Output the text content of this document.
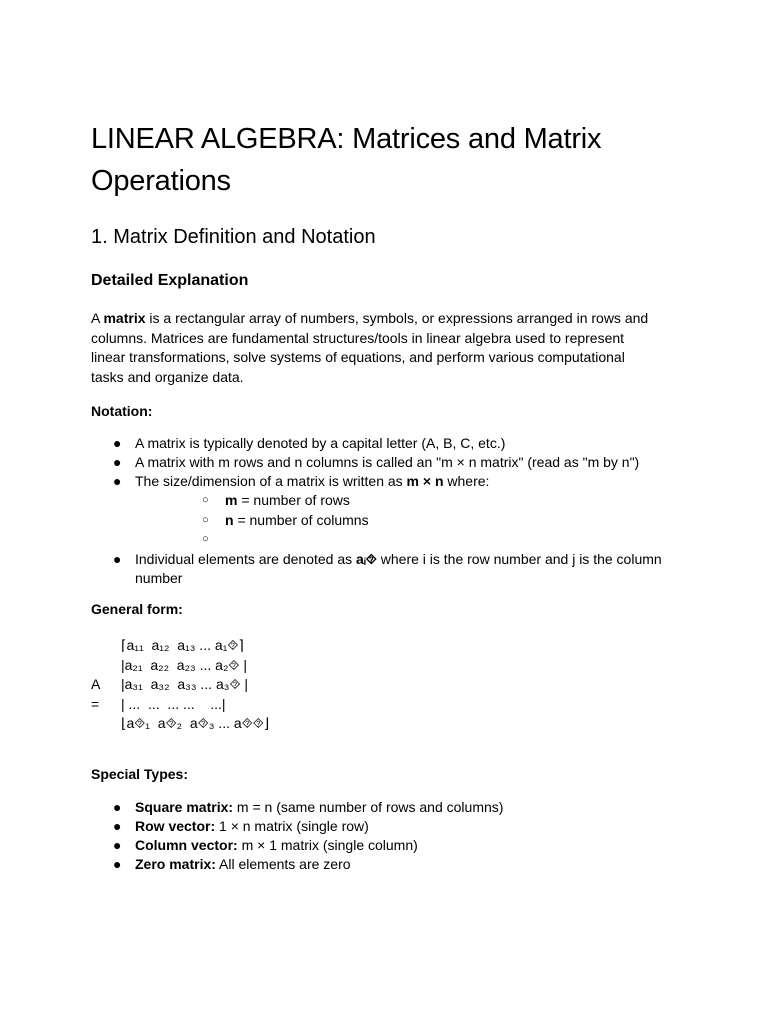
LINEAR ALGEBRA: Matrices and Matrix Operations
1. Matrix Definition and Notation
Detailed Explanation

A matrix is a rectangular array of numbers, symbols, or expressions arranged in rows and columns. Matrices are fundamental structures/tools in linear algebra used to represent linear transformations, solve systems of equations, and perform various computational tasks and organize data.

Notation:

● A matrix is typically denoted by a capital letter (A, B, C, etc.)
● A matrix with m rows and n columns is called an "m × n matrix" (read as "m by n")
● The size/dimension of a matrix is written as m × n where:
○ m = number of rows
○ n = number of columns
○
● Individual elements are denoted as aᵢ⯑ where i is the row number and j is the column number

General form:

A =
⌈a₁₁  a₁₂  a₁₃ ... a₁⯑⌉
|a₂₁  a₂₂  a₂₃ ... a₂⯑ |
|a₃₁  a₃₂  a₃₃ ... a₃⯑ |
| ...  ...  ... ...    ...|
⌊a⯑₁  a⯑₂  a⯑₃ ... a⯑⯑⌋

Special Types:

● Square matrix: m = n (same number of rows and columns)
● Row vector: 1 × n matrix (single row)
● Column vector: m × 1 matrix (single column)
● Zero matrix: All elements are zero
